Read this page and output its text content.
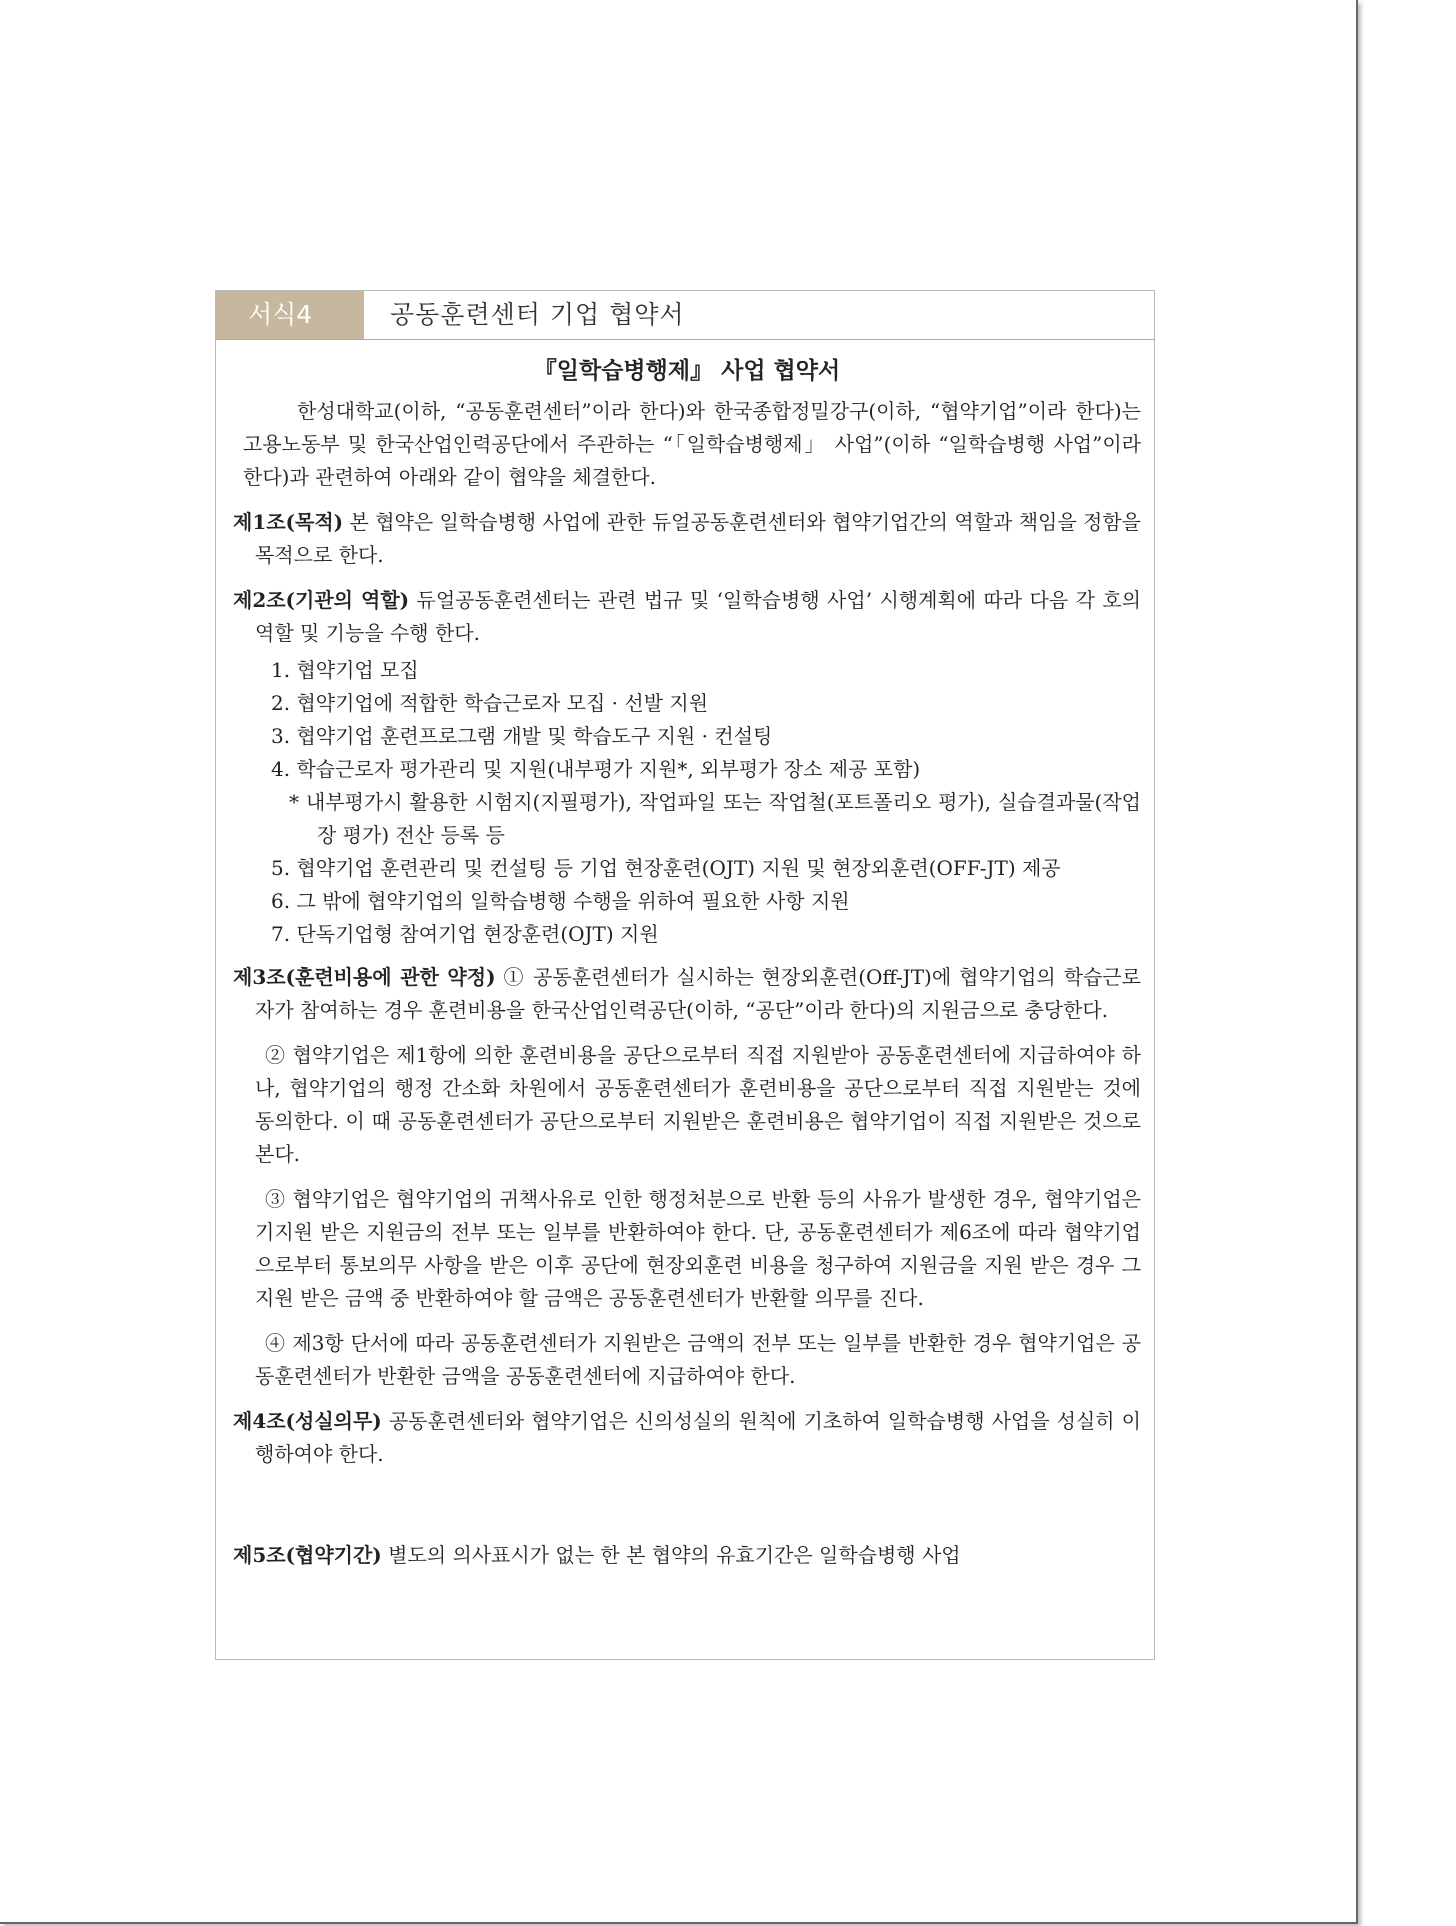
서식4	공동훈련센터 기업 협약서
『일학습병행제』 사업 협약서

한성대학교(이하, “공동훈련센터”이라 한다)와 한국종합정밀강구(이하, “협약기업”이라 한다)는 고용노동부 및 한국산업인력공단에서 주관하는 “「일학습병행제」 사업”(이하 “일학습병행 사업”이라 한다)과 관련하여 아래와 같이 협약을 체결한다.

제1조(목적) 본 협약은 일학습병행 사업에 관한 듀얼공동훈련센터와 협약기업간의 역할과 책임을 정함을 목적으로 한다.

제2조(기관의 역할) 듀얼공동훈련센터는 관련 법규 및 ‘일학습병행 사업’ 시행계획에 따라 다음 각 호의 역할 및 기능을 수행 한다.

1. 협약기업 모집
2. 협약기업에 적합한 학습근로자 모집 · 선발 지원
3. 협약기업 훈련프로그램 개발 및 학습도구 지원 · 컨설팅
4. 학습근로자 평가관리 및 지원(내부평가 지원*, 외부평가 장소 제공 포함)
* 내부평가시 활용한 시험지(지필평가), 작업파일 또는 작업철(포트폴리오 평가), 실습결과물(작업장 평가) 전산 등록 등
5. 협약기업 훈련관리 및 컨설팅 등 기업 현장훈련(OJT) 지원 및 현장외훈련(OFF-JT) 제공
6. 그 밖에 협약기업의 일학습병행 수행을 위하여 필요한 사항 지원
7. 단독기업형 참여기업 현장훈련(OJT) 지원

제3조(훈련비용에 관한 약정) ① 공동훈련센터가 실시하는 현장외훈련(Off-JT)에 협약기업의 학습근로자가 참여하는 경우 훈련비용을 한국산업인력공단(이하, “공단”이라 한다)의 지원금으로 충당한다.

② 협약기업은 제1항에 의한 훈련비용을 공단으로부터 직접 지원받아 공동훈련센터에 지급하여야 하나, 협약기업의 행정 간소화 차원에서 공동훈련센터가 훈련비용을 공단으로부터 직접 지원받는 것에 동의한다. 이 때 공동훈련센터가 공단으로부터 지원받은 훈련비용은 협약기업이 직접 지원받은 것으로 본다.

③ 협약기업은 협약기업의 귀책사유로 인한 행정처분으로 반환 등의 사유가 발생한 경우, 협약기업은 기지원 받은 지원금의 전부 또는 일부를 반환하여야 한다. 단, 공동훈련센터가 제6조에 따라 협약기업으로부터 통보의무 사항을 받은 이후 공단에 현장외훈련 비용을 청구하여 지원금을 지원 받은 경우 그 지원 받은 금액 중 반환하여야 할 금액은 공동훈련센터가 반환할 의무를 진다.

④ 제3항 단서에 따라 공동훈련센터가 지원받은 금액의 전부 또는 일부를 반환한 경우 협약기업은 공동훈련센터가 반환한 금액을 공동훈련센터에 지급하여야 한다.

제4조(성실의무) 공동훈련센터와 협약기업은 신의성실의 원칙에 기초하여 일학습병행 사업을 성실히 이행하여야 한다.

제5조(협약기간) 별도의 의사표시가 없는 한 본 협약의 유효기간은 일학습병행 사업
